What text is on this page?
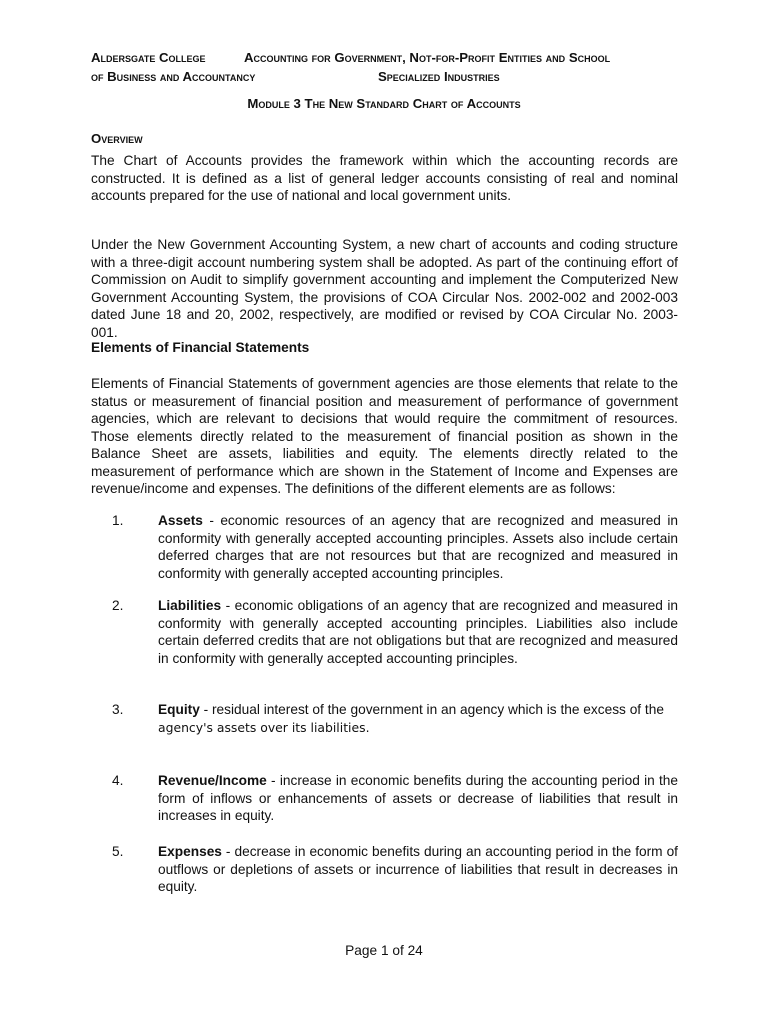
Aldersgate College
of Business and Accountancy
Accounting for Government, Not-for-Profit Entities and School
Specialized Industries
Module 3 The New Standard Chart of Accounts
Overview

The Chart of Accounts provides the framework within which the accounting records are constructed. It is defined as a list of general ledger accounts consisting of real and nominal accounts prepared for the use of national and local government units.

Under the New Government Accounting System, a new chart of accounts and coding structure with a three-digit account numbering system shall be adopted. As part of the continuing effort of Commission on Audit to simplify government accounting and implement the Computerized New Government Accounting System, the provisions of COA Circular Nos. 2002-002 and 2002-003 dated June 18 and 20, 2002, respectively, are modified or revised by COA Circular No. 2003-001.

Elements of Financial Statements

Elements of Financial Statements of government agencies are those elements that relate to the status or measurement of financial position and measurement of performance of government agencies, which are relevant to decisions that would require the commitment of resources. Those elements directly related to the measurement of financial position as shown in the Balance Sheet are assets, liabilities and equity. The elements directly related to the measurement of performance which are shown in the Statement of Income and Expenses are revenue/income and expenses. The definitions of the different elements are as follows:

1.	Assets - economic resources of an agency that are recognized and measured in conformity with generally accepted accounting principles. Assets also include certain deferred charges that are not resources but that are recognized and measured in conformity with generally accepted accounting principles.
2.	Liabilities - economic obligations of an agency that are recognized and measured in conformity with generally accepted accounting principles. Liabilities also include certain deferred credits that are not obligations but that are recognized and measured in conformity with generally accepted accounting principles.
3.	Equity - residual interest of the government in an agency which is the excess of the
agency's assets over its liabilities.
4.	Revenue/Income - increase in economic benefits during the accounting period in the form of inflows or enhancements of assets or decrease of liabilities that result in increases in equity.
5.	Expenses - decrease in economic benefits during an accounting period in the form of outflows or depletions of assets or incurrence of liabilities that result in decreases in equity.
Page 1 of 24
